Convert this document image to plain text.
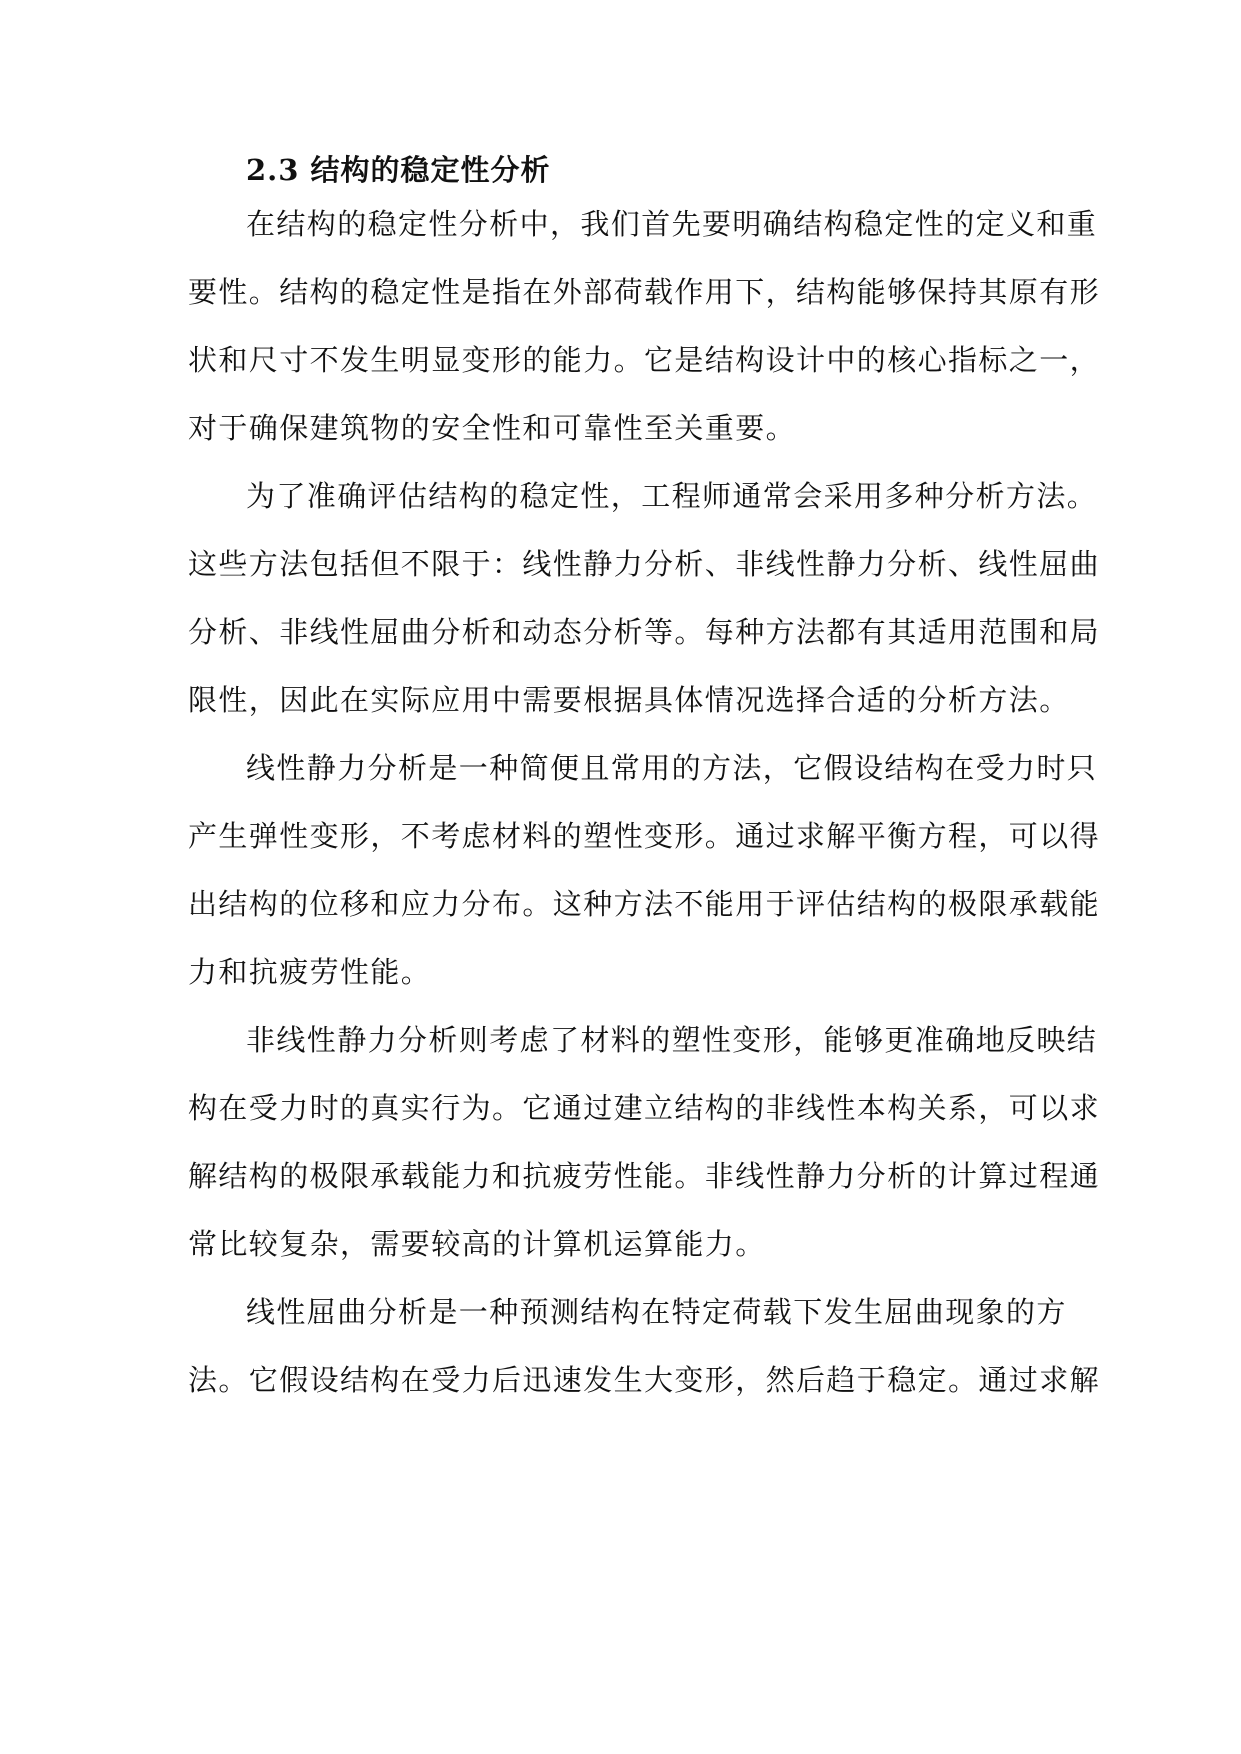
2.3 结构的稳定性分析

在结构的稳定性分析中，我们首先要明确结构稳定性的定义和重

要性。结构的稳定性是指在外部荷载作用下，结构能够保持其原有形

状和尺寸不发生明显变形的能力。它是结构设计中的核心指标之一，

对于确保建筑物的安全性和可靠性至关重要。

为了准确评估结构的稳定性，工程师通常会采用多种分析方法。

这些方法包括但不限于：线性静力分析、非线性静力分析、线性屈曲

分析、非线性屈曲分析和动态分析等。每种方法都有其适用范围和局

限性，因此在实际应用中需要根据具体情况选择合适的分析方法。

线性静力分析是一种简便且常用的方法，它假设结构在受力时只

产生弹性变形，不考虑材料的塑性变形。通过求解平衡方程，可以得

出结构的位移和应力分布。这种方法不能用于评估结构的极限承载能

力和抗疲劳性能。

非线性静力分析则考虑了材料的塑性变形，能够更准确地反映结

构在受力时的真实行为。它通过建立结构的非线性本构关系，可以求

解结构的极限承载能力和抗疲劳性能。非线性静力分析的计算过程通

常比较复杂，需要较高的计算机运算能力。

线性屈曲分析是一种预测结构在特定荷载下发生屈曲现象的方

法。它假设结构在受力后迅速发生大变形，然后趋于稳定。通过求解
